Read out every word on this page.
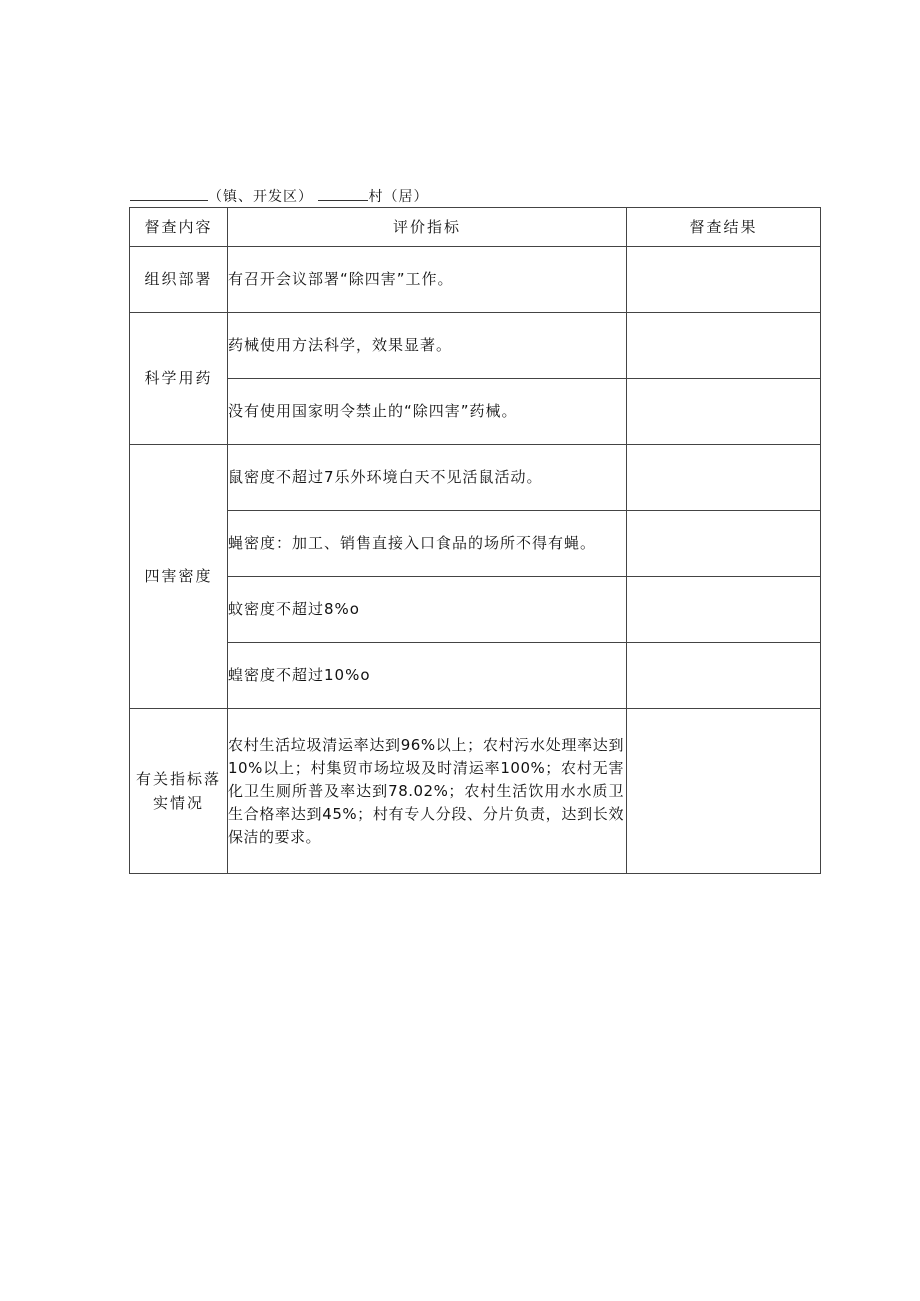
（镇、开发区）	村（居）
督查内容	评价指标	督查结果
组织部署	有召开会议部署“除四害”工作。	
科学用药	药械使用方法科学，效果显著。	
	没有使用国家明令禁止的“除四害”药械。	
四害密度	鼠密度不超过7乐外环境白天不见活鼠活动。	
	蝇密度：加工、销售直接入口食品的场所不得有蝇。	
	蚊密度不超过8%o	
	蝗密度不超过10%o	

有关指标落实情况	农村生活垃圾清运率达到96%以上；农村污水处理率达到10%以上；村集贸市场垃圾及时清运率100%；农村无害化卫生厕所普及率达到78.02%；农村生活饮用水水质卫生合格率达到45%；村有专人分段、分片负责，达到长效保洁的要求。	
